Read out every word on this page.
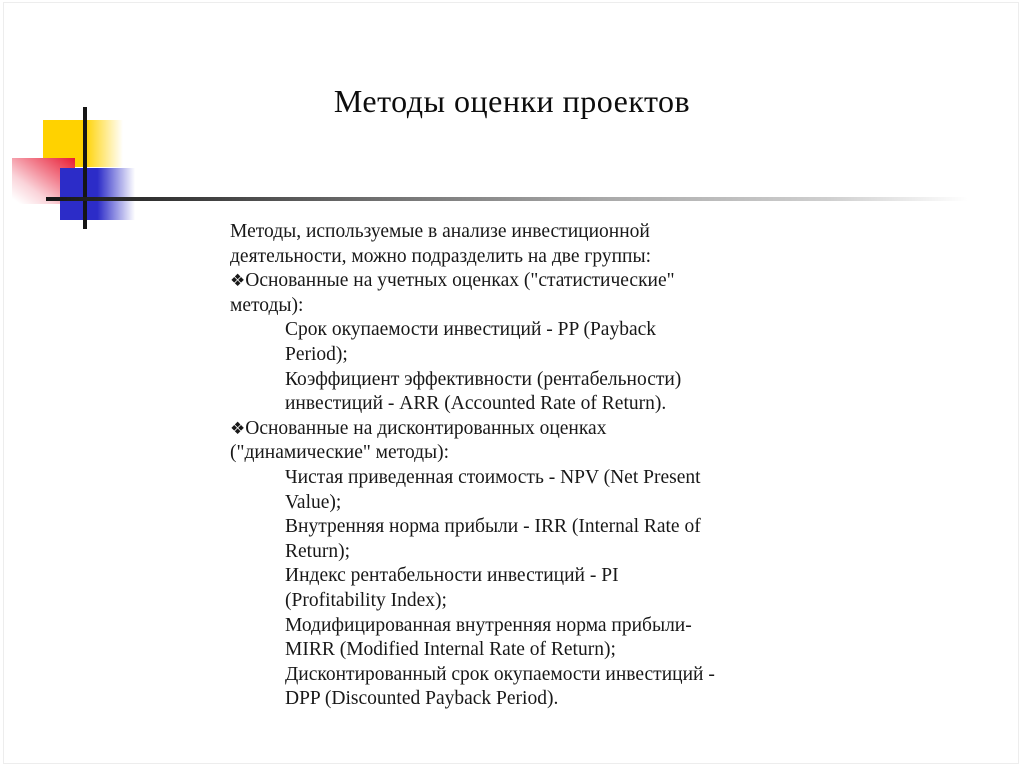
Методы оценки проектов
Методы, используемые в анализе инвестиционной
деятельности, можно подразделить на две группы:
❖Основанные на учетных оценках ("статистические"
методы):
Срок окупаемости инвестиций - PP (Payback
Period);
Коэффициент эффективности (рентабельности)
инвестиций - ARR (Accounted Rate of Return).
❖Основанные на дисконтированных оценках
("динамические" методы):
Чистая приведенная стоимость - NPV (Net Present
Value);
Внутренняя норма прибыли - IRR (Internal Rate of
Return);
Индекс рентабельности инвестиций - PI
(Profitability Index);
Модифицированная внутренняя норма прибыли-
MIRR (Modified Internal Rate of Return);
Дисконтированный срок окупаемости инвестиций -
DPP (Discounted Payback Period).
